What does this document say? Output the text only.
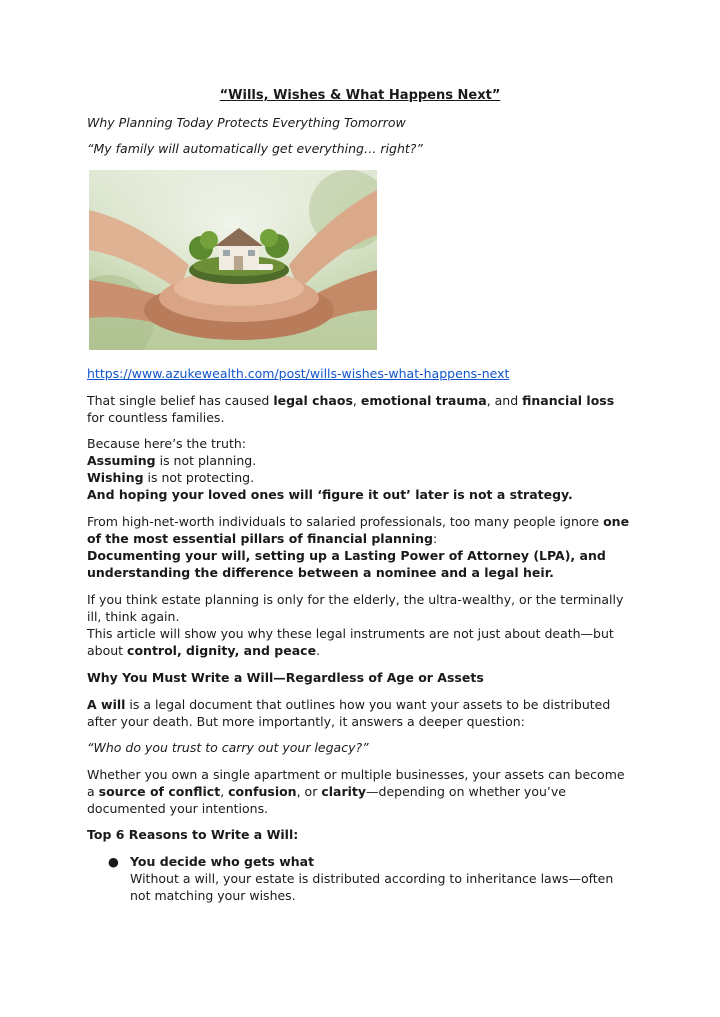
“Wills, Wishes & What Happens Next”

Why Planning Today Protects Everything Tomorrow

“My family will automatically get everything… right?”

https://www.azukewealth.com/post/wills-wishes-what-happens-next

That single belief has caused legal chaos, emotional trauma, and financial loss for countless families.

Because here’s the truth:

Assuming is not planning.

Wishing is not protecting.

And hoping your loved ones will ‘figure it out’ later is not a strategy.

From high-net-worth individuals to salaried professionals, too many people ignore one of the most essential pillars of financial planning:
Documenting your will, setting up a Lasting Power of Attorney (LPA), and understanding the difference between a nominee and a legal heir.

If you think estate planning is only for the elderly, the ultra-wealthy, or the terminally ill, think again.
This article will show you why these legal instruments are not just about death—but about control, dignity, and peace.

Why You Must Write a Will—Regardless of Age or Assets

A will is a legal document that outlines how you want your assets to be distributed after your death. But more importantly, it answers a deeper question:

“Who do you trust to carry out your legacy?”

Whether you own a single apartment or multiple businesses, your assets can become a source of conflict, confusion, or clarity—depending on whether you’ve documented your intentions.

Top 6 Reasons to Write a Will:
● You decide who gets what

Without a will, your estate is distributed according to inheritance laws—often not matching your wishes.
